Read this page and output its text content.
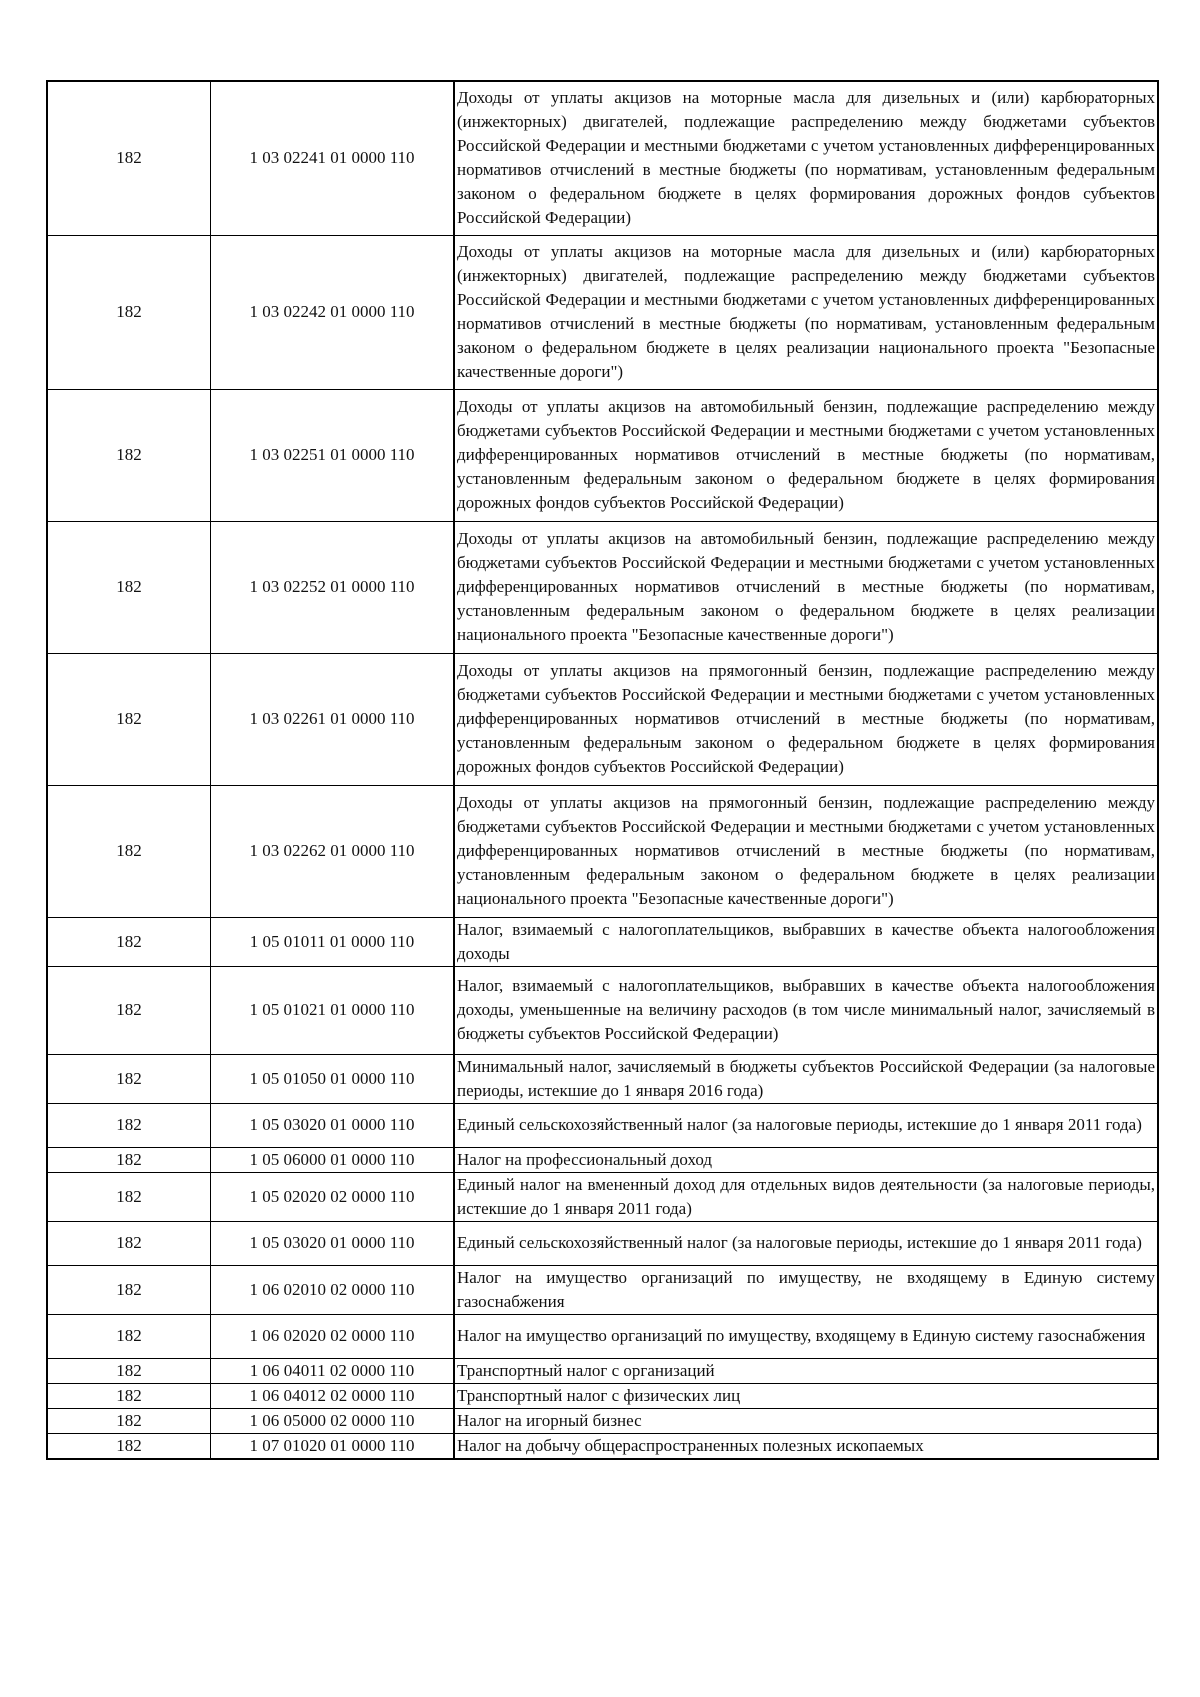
182	1 03 02241 01 0000 110	Доходы от уплаты акцизов на моторные масла для дизельных и (или) карбюраторных (инжекторных) двигателей, подлежащие распределению между бюджетами субъектов Российской Федерации и местными бюджетами с учетом установленных дифференцированных нормативов отчислений в местные бюджеты (по нормативам, установленным федеральным законом о федеральном бюджете в целях формирования дорожных фондов субъектов Российской Федерации)
182	1 03 02242 01 0000 110	Доходы от уплаты акцизов на моторные масла для дизельных и (или) карбюраторных (инжекторных) двигателей, подлежащие распределению между бюджетами субъектов Российской Федерации и местными бюджетами с учетом установленных дифференцированных нормативов отчислений в местные бюджеты (по нормативам, установленным федеральным законом о федеральном бюджете в целях реализации национального проекта "Безопасные качественные дороги")
182	1 03 02251 01 0000 110	Доходы от уплаты акцизов на автомобильный бензин, подлежащие распределению между бюджетами субъектов Российской Федерации и местными бюджетами с учетом установленных дифференцированных нормативов отчислений в местные бюджеты (по нормативам, установленным федеральным законом о федеральном бюджете в целях формирования дорожных фондов субъектов Российской Федерации)
182	1 03 02252 01 0000 110	Доходы от уплаты акцизов на автомобильный бензин, подлежащие распределению между бюджетами субъектов Российской Федерации и местными бюджетами с учетом установленных дифференцированных нормативов отчислений в местные бюджеты (по нормативам, установленным федеральным законом о федеральном бюджете в целях реализации национального проекта "Безопасные качественные дороги")
182	1 03 02261 01 0000 110	Доходы от уплаты акцизов на прямогонный бензин, подлежащие распределению между бюджетами субъектов Российской Федерации и местными бюджетами с учетом установленных дифференцированных нормативов отчислений в местные бюджеты (по нормативам, установленным федеральным законом о федеральном бюджете в целях формирования дорожных фондов субъектов Российской Федерации)
182	1 03 02262 01 0000 110	Доходы от уплаты акцизов на прямогонный бензин, подлежащие распределению между бюджетами субъектов Российской Федерации и местными бюджетами с учетом установленных дифференцированных нормативов отчислений в местные бюджеты (по нормативам, установленным федеральным законом о федеральном бюджете в целях реализации национального проекта "Безопасные качественные дороги")
182	1 05 01011 01 0000 110	Налог, взимаемый с налогоплательщиков, выбравших в качестве объекта налогообложения доходы
182	1 05 01021 01 0000 110	Налог, взимаемый с налогоплательщиков, выбравших в качестве объекта налогообложения доходы, уменьшенные на величину расходов (в том числе минимальный налог, зачисляемый в бюджеты субъектов Российской Федерации)
182	1 05 01050 01 0000 110	Минимальный налог, зачисляемый в бюджеты субъектов Российской Федерации (за налоговые периоды, истекшие до 1 января 2016 года)
182	1 05 03020 01 0000 110	Единый сельскохозяйственный налог (за налоговые периоды, истекшие до 1 января 2011 года)
182	1 05 06000 01 0000 110	Налог на профессиональный доход
182	1 05 02020 02 0000 110	Единый налог на вмененный доход для отдельных видов деятельности (за налоговые периоды, истекшие до 1 января 2011 года)
182	1 05 03020 01 0000 110	Единый сельскохозяйственный налог (за налоговые периоды, истекшие до 1 января 2011 года)
182	1 06 02010 02 0000 110	Налог на имущество организаций по имуществу, не входящему в Единую систему газоснабжения
182	1 06 02020 02 0000 110	Налог на имущество организаций по имуществу, входящему в Единую систему газоснабжения
182	1 06 04011 02 0000 110	Транспортный налог с организаций
182	1 06 04012 02 0000 110	Транспортный налог с физических лиц
182	1 06 05000 02 0000 110	Налог на игорный бизнес
182	1 07 01020 01 0000 110	Налог на добычу общераспространенных полезных ископаемых
